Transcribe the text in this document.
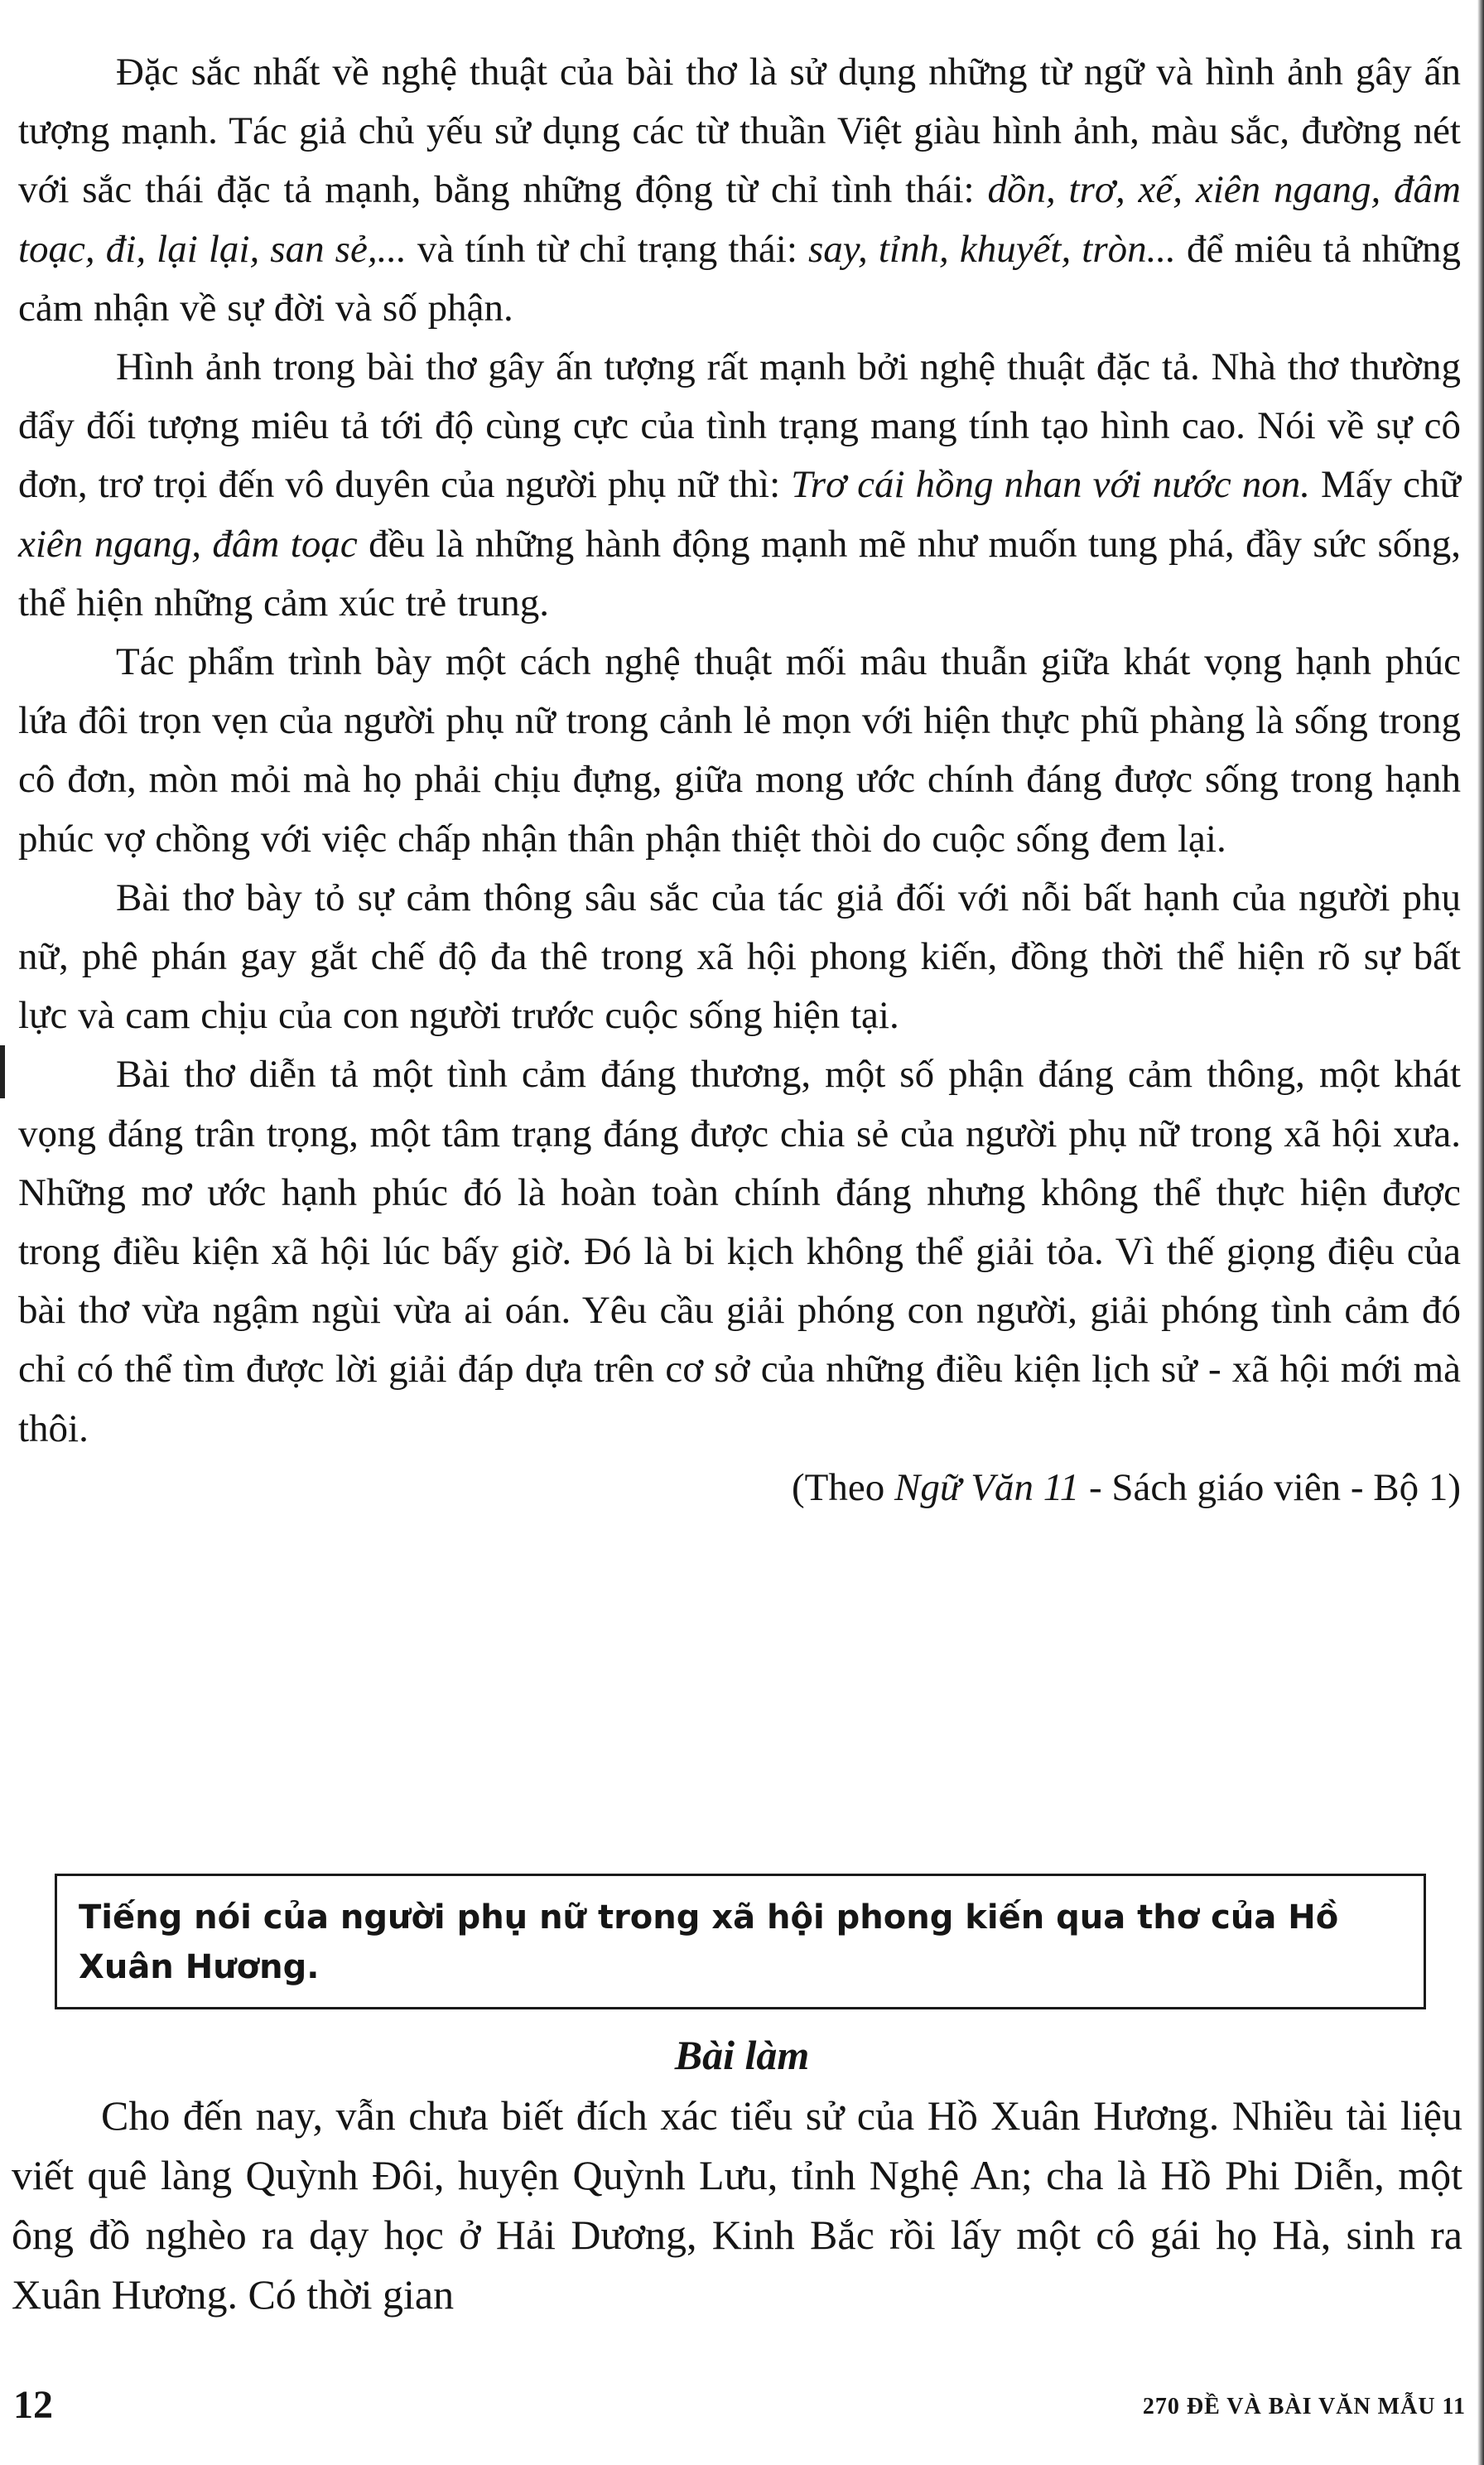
Đặc sắc nhất về nghệ thuật của bài thơ là sử dụng những từ ngữ và hình ảnh gây ấn tượng mạnh. Tác giả chủ yếu sử dụng các từ thuần Việt giàu hình ảnh, màu sắc, đường nét với sắc thái đặc tả mạnh, bằng những động từ chỉ tình thái: dồn, trơ, xế, xiên ngang, đâm toạc, đi, lại lại, san sẻ,... và tính từ chỉ trạng thái: say, tỉnh, khuyết, tròn... để miêu tả những cảm nhận về sự đời và số phận.

Hình ảnh trong bài thơ gây ấn tượng rất mạnh bởi nghệ thuật đặc tả. Nhà thơ thường đẩy đối tượng miêu tả tới độ cùng cực của tình trạng mang tính tạo hình cao. Nói về sự cô đơn, trơ trọi đến vô duyên của người phụ nữ thì: Trơ cái hồng nhan với nước non. Mấy chữ xiên ngang, đâm toạc đều là những hành động mạnh mẽ như muốn tung phá, đầy sức sống, thể hiện những cảm xúc trẻ trung.

Tác phẩm trình bày một cách nghệ thuật mối mâu thuẫn giữa khát vọng hạnh phúc lứa đôi trọn vẹn của người phụ nữ trong cảnh lẻ mọn với hiện thực phũ phàng là sống trong cô đơn, mòn mỏi mà họ phải chịu đựng, giữa mong ước chính đáng được sống trong hạnh phúc vợ chồng với việc chấp nhận thân phận thiệt thòi do cuộc sống đem lại.

Bài thơ bày tỏ sự cảm thông sâu sắc của tác giả đối với nỗi bất hạnh của người phụ nữ, phê phán gay gắt chế độ đa thê trong xã hội phong kiến, đồng thời thể hiện rõ sự bất lực và cam chịu của con người trước cuộc sống hiện tại.

Bài thơ diễn tả một tình cảm đáng thương, một số phận đáng cảm thông, một khát vọng đáng trân trọng, một tâm trạng đáng được chia sẻ của người phụ nữ trong xã hội xưa. Những mơ ước hạnh phúc đó là hoàn toàn chính đáng nhưng không thể thực hiện được trong điều kiện xã hội lúc bấy giờ. Đó là bi kịch không thể giải tỏa. Vì thế giọng điệu của bài thơ vừa ngậm ngùi vừa ai oán. Yêu cầu giải phóng con người, giải phóng tình cảm đó chỉ có thể tìm được lời giải đáp dựa trên cơ sở của những điều kiện lịch sử - xã hội mới mà thôi.

(Theo Ngữ Văn 11 - Sách giáo viên - Bộ 1)

Tiếng nói của người phụ nữ trong xã hội phong kiến qua thơ của Hồ Xuân Hương.
Bài làm

Cho đến nay, vẫn chưa biết đích xác tiểu sử của Hồ Xuân Hương. Nhiều tài liệu viết quê làng Quỳnh Đôi, huyện Quỳnh Lưu, tỉnh Nghệ An; cha là Hồ Phi Diễn, một ông đồ nghèo ra dạy học ở Hải Dương, Kinh Bắc rồi lấy một cô gái họ Hà, sinh ra Xuân Hương. Có thời gian

12	270 ĐỀ VÀ BÀI VĂN MẪU 11
